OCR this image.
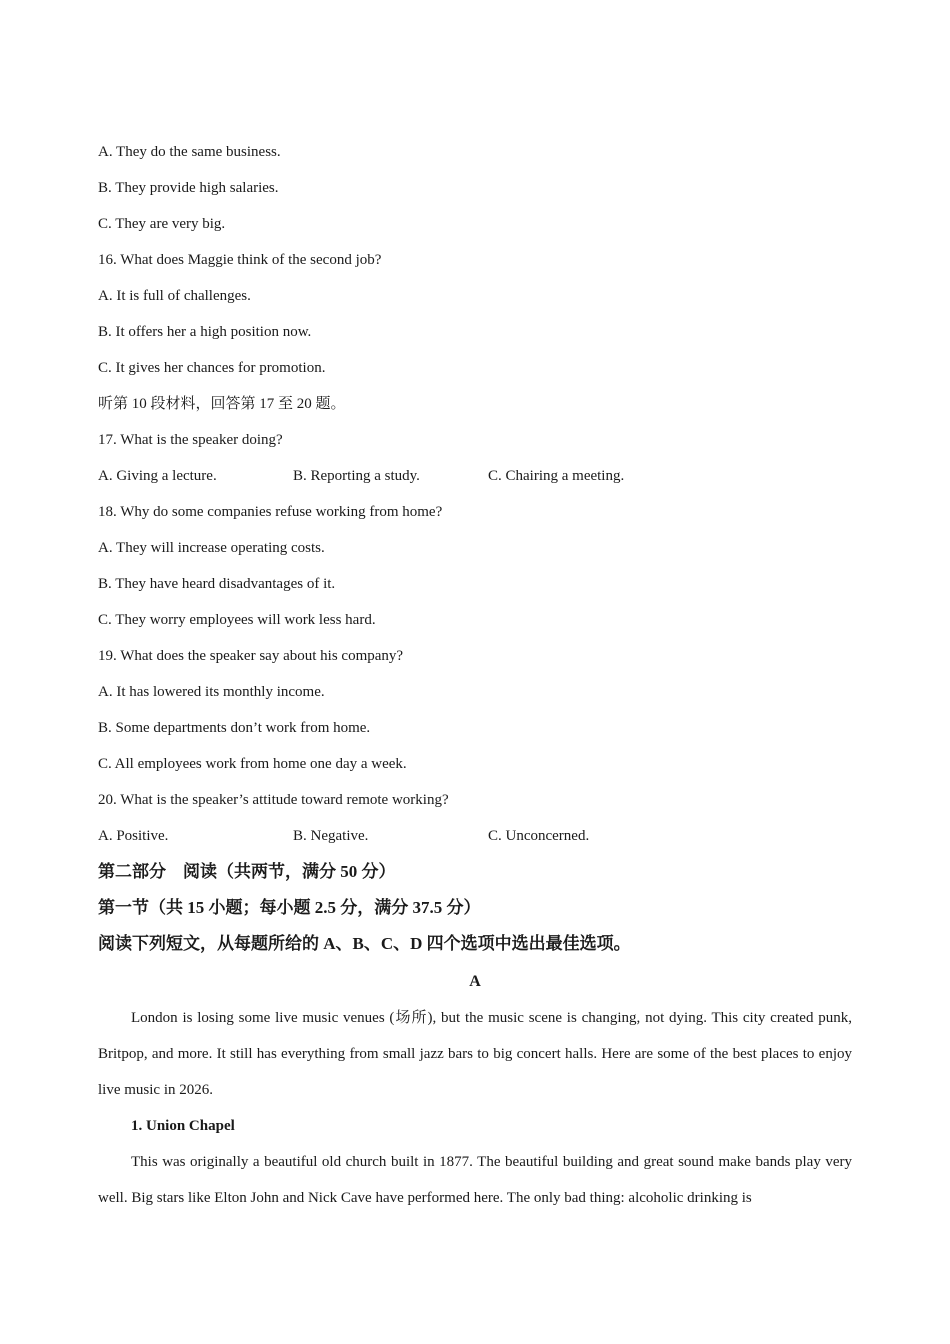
A. They do the same business.
B. They provide high salaries.
C. They are very big.
16. What does Maggie think of the second job?
A. It is full of challenges.
B. It offers her a high position now.
C. It gives her chances for promotion.
听第 10 段材料，回答第 17 至 20 题。
17. What is the speaker doing?
A. Giving a lecture.	B. Reporting a study.	C. Chairing a meeting.
18. Why do some companies refuse working from home?
A. They will increase operating costs.
B. They have heard disadvantages of it.
C. They worry employees will work less hard.
19. What does the speaker say about his company?
A. It has lowered its monthly income.
B. Some departments don’t work from home.
C. All employees work from home one day a week.
20. What is the speaker’s attitude toward remote working?
A. Positive.	B. Negative.	C. Unconcerned.
第二部分　阅读（共两节，满分 50 分）
第一节（共 15 小题；每小题 2.5 分，满分 37.5 分）
阅读下列短文，从每题所给的 A、B、C、D 四个选项中选出最佳选项。
A
London is losing some live music venues (场所), but the music scene is changing, not dying. This city created punk, Britpop, and more. It still has everything from small jazz bars to big concert halls. Here are some of the best places to enjoy live music in 2026.
1. Union Chapel
This was originally a beautiful old church built in 1877. The beautiful building and great sound make bands play very well. Big stars like Elton John and Nick Cave have performed here. The only bad thing: alcoholic drinking is
